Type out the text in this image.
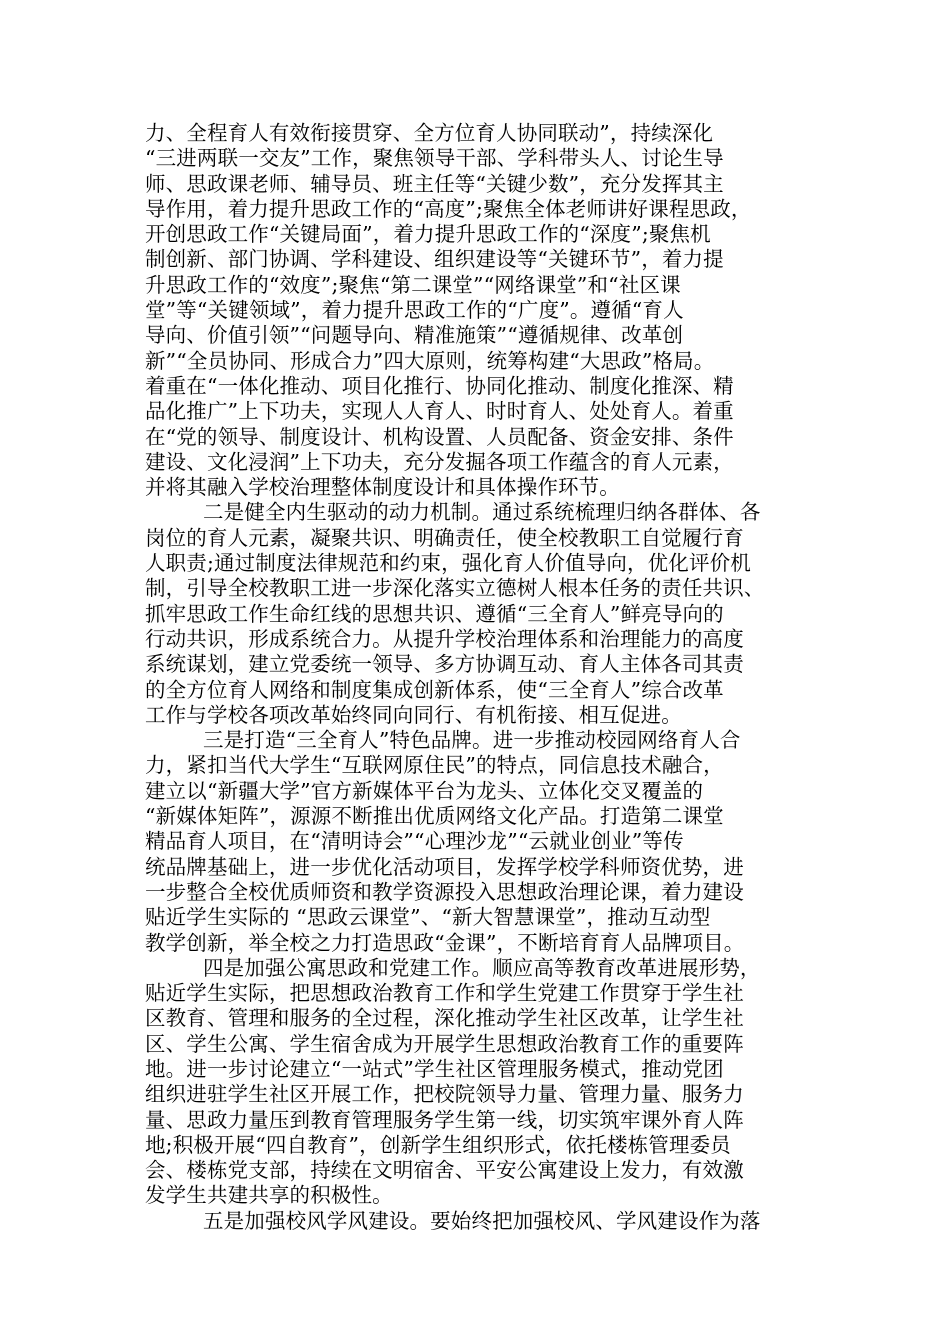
力、全程育人有效衔接贯穿、全方位育人协同联动”，持续深化
“三进两联一交友”工作，聚焦领导干部、学科带头人、讨论生导
师、思政课老师、辅导员、班主任等“关键少数”，充分发挥其主
导作用，着力提升思政工作的“高度”;聚焦全体老师讲好课程思政，
开创思政工作“关键局面”，着力提升思政工作的“深度”;聚焦机
制创新、部门协调、学科建设、组织建设等“关键环节”，着力提
升思政工作的“效度”;聚焦“第二课堂”“网络课堂”和“社区课
堂”等“关键领域”，着力提升思政工作的“广度”。遵循“育人
导向、价值引领”“问题导向、精准施策”“遵循规律、改革创
新”“全员协同、形成合力”四大原则，统筹构建“大思政”格局。
着重在“一体化推动、项目化推行、协同化推动、制度化推深、精
品化推广”上下功夫，实现人人育人、时时育人、处处育人。着重
在“党的领导、制度设计、机构设置、人员配备、资金安排、条件
建设、文化浸润”上下功夫，充分发掘各项工作蕴含的育人元素，
并将其融入学校治理整体制度设计和具体操作环节。
二是健全内生驱动的动力机制。通过系统梳理归纳各群体、各
岗位的育人元素，凝聚共识、明确责任，使全校教职工自觉履行育
人职责;通过制度法律规范和约束，强化育人价值导向，优化评价机
制，引导全校教职工进一步深化落实立德树人根本任务的责任共识、
抓牢思政工作生命红线的思想共识、遵循“三全育人”鲜亮导向的
行动共识，形成系统合力。从提升学校治理体系和治理能力的高度
系统谋划，建立党委统一领导、多方协调互动、育人主体各司其责
的全方位育人网络和制度集成创新体系，使“三全育人”综合改革
工作与学校各项改革始终同向同行、有机衔接、相互促进。
三是打造“三全育人”特色品牌。进一步推动校园网络育人合
力，紧扣当代大学生“互联网原住民”的特点，同信息技术融合，
建立以“新疆大学”官方新媒体平台为龙头、立体化交叉覆盖的
“新媒体矩阵”，源源不断推出优质网络文化产品。打造第二课堂
精品育人项目，在“清明诗会”“心理沙龙”“云就业创业”等传
统品牌基础上，进一步优化活动项目，发挥学校学科师资优势，进
一步整合全校优质师资和教学资源投入思想政治理论课，着力建设
贴近学生实际的 “思政云课堂”、“新大智慧课堂”，推动互动型
教学创新，举全校之力打造思政“金课”，不断培育育人品牌项目。
四是加强公寓思政和党建工作。顺应高等教育改革进展形势，
贴近学生实际，把思想政治教育工作和学生党建工作贯穿于学生社
区教育、管理和服务的全过程，深化推动学生社区改革，让学生社
区、学生公寓、学生宿舍成为开展学生思想政治教育工作的重要阵
地。进一步讨论建立“一站式”学生社区管理服务模式，推动党团
组织进驻学生社区开展工作，把校院领导力量、管理力量、服务力
量、思政力量压到教育管理服务学生第一线，切实筑牢课外育人阵
地;积极开展“四自教育”，创新学生组织形式，依托楼栋管理委员
会、楼栋党支部，持续在文明宿舍、平安公寓建设上发力，有效激
发学生共建共享的积极性。
五是加强校风学风建设。要始终把加强校风、学风建设作为落
